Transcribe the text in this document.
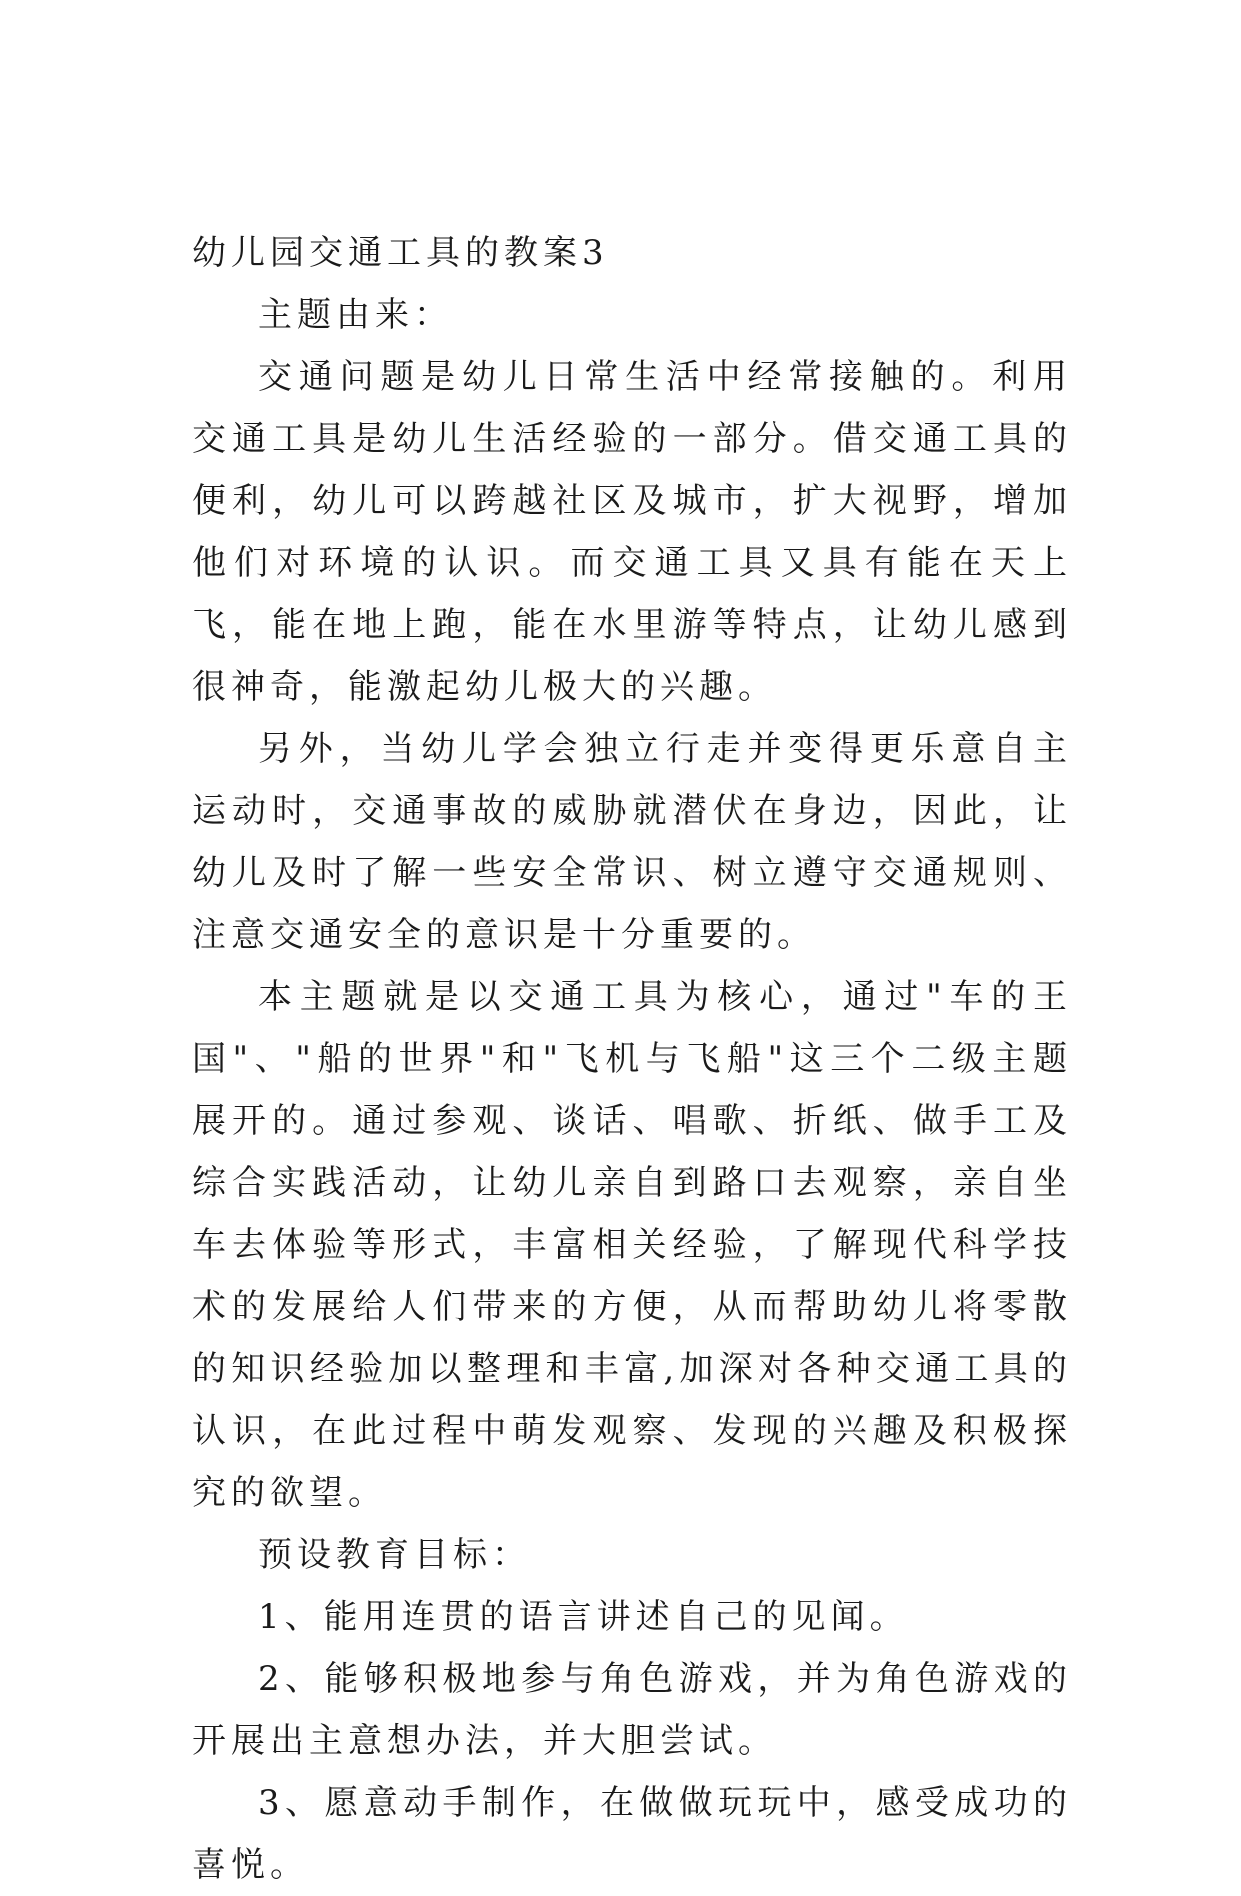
幼儿园交通工具的教案3

主题由来：

交通问题是幼儿日常生活中经常接触的。利用交通工具是幼儿生活经验的一部分。借交通工具的便利，幼儿可以跨越社区及城市，扩大视野，增加他们对环境的认识。而交通工具又具有能在天上飞，能在地上跑，能在水里游等特点，让幼儿感到很神奇，能激起幼儿极大的兴趣。

另外，当幼儿学会独立行走并变得更乐意自主运动时，交通事故的威胁就潜伏在身边，因此，让幼儿及时了解一些安全常识、树立遵守交通规则、注意交通安全的意识是十分重要的。

本主题就是以交通工具为核心，通过"车的王国"、"船的世界"和"飞机与飞船"这三个二级主题展开的。通过参观、谈话、唱歌、折纸、做手工及综合实践活动，让幼儿亲自到路口去观察，亲自坐车去体验等形式，丰富相关经验，了解现代科学技术的发展给人们带来的方便，从而帮助幼儿将零散的知识经验加以整理和丰富,加深对各种交通工具的认识，在此过程中萌发观察、发现的兴趣及积极探究的欲望。

预设教育目标：

1、能用连贯的语言讲述自己的见闻。

2、能够积极地参与角色游戏，并为角色游戏的开展出主意想办法，并大胆尝试。

3、愿意动手制作，在做做玩玩中，感受成功的喜悦。
